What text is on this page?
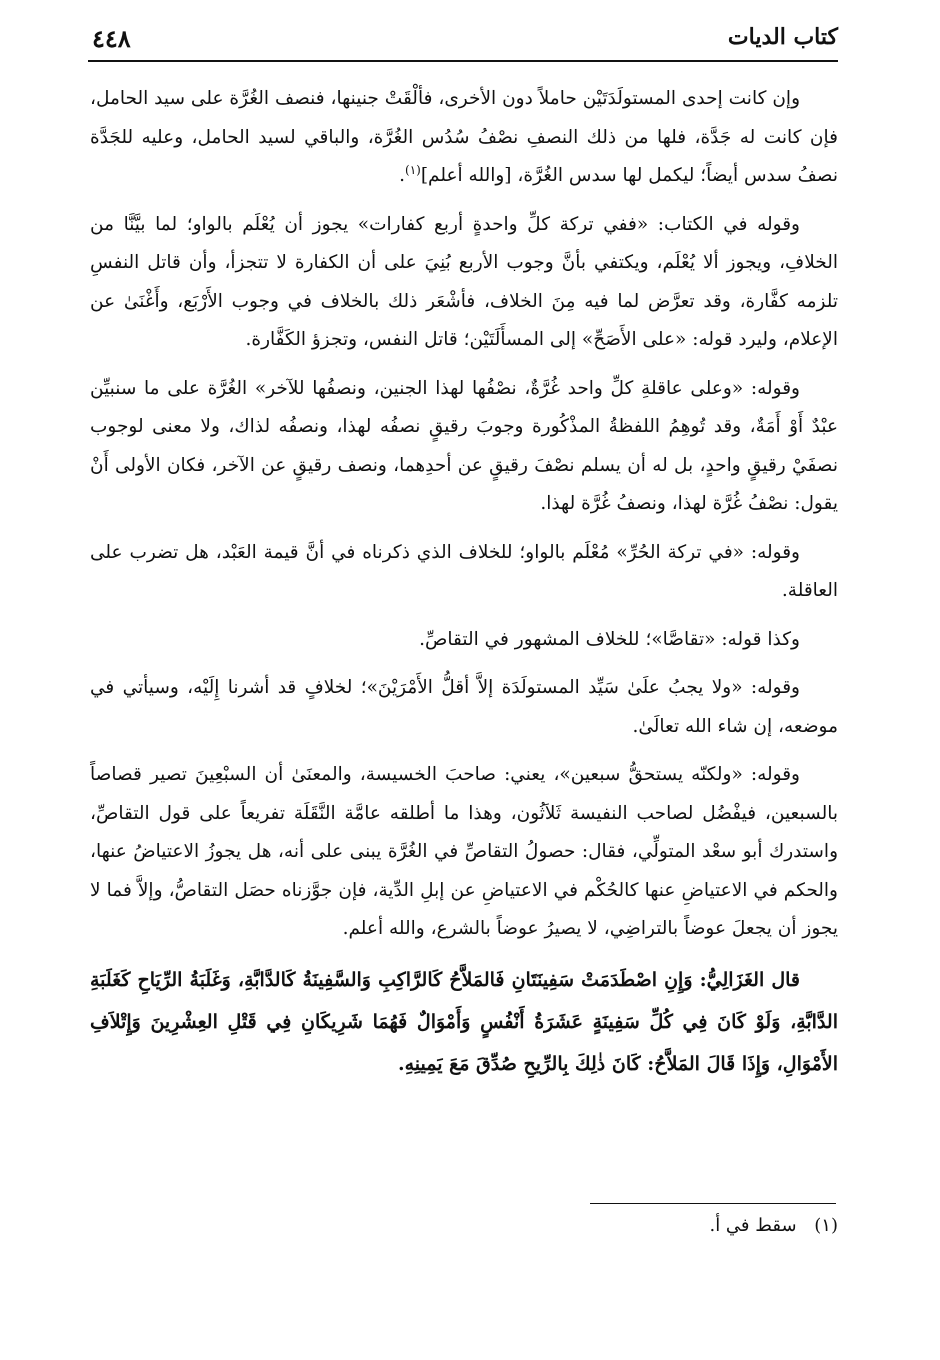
٤٤٨	كتاب الديات

وإن كانت إحدى المستولَدَتَيْن حاملاً دون الأخرى، فألْقَتْ جنينها، فنصف الغُرَّة على سيد الحامل، فإن كانت له جَدَّة، فلها من ذلك النصفِ نصْفُ سُدُس الغُرَّة، والباقي لسيد الحامل، وعليه للجَدَّة نصفُ سدس أيضاً؛ ليكمل لها سدس الغُرَّة، [والله أعلم]$^{(١)}$.

وقوله في الكتاب: «ففي تركة كلِّ واحدةٍ أربع كفارات» يجوز أن يُعْلَم بالواو؛ لما بيَّنَّا من الخلافِ، ويجوز ألا يُعْلَم، ويكتفي بأنَّ وجوب الأربع بُنِيَ على أن الكفارة لا تتجزأ، وأن قاتل النفسِ تلزمه كفَّارة، وقد تعرَّض لما فيه مِنَ الخلاف، فأشْعَر ذلك بالخلاف في وجوب الأَرْبَع، وأَغْنَىٰ عن الإعلام، وليرد قوله: «على الأَصَحِّ» إلى المسأَلَتَيْن؛ قاتل النفس، وتجزؤ الكَفَّارة.

وقوله: «وعلى عاقلةِ كلِّ واحد غُرَّةٌ، نصْفُها لهذا الجنين، ونصفُها للآخر» الغُرَّة على ما سنبيِّن عبْدٌ أَوْ أَمَةٌ، وقد تُوهِمُ اللفظةُ المذْكُورة وجوبَ رقيقٍ نصفُه لهذا، ونصفُه لذاك، ولا معنى لوجوب نصفَيْ رقيقٍ واحدٍ، بل له أن يسلم نصْفَ رقيقٍ عن أحدِهما، ونصف رقيقٍ عن الآخر، فكان الأولى أَنْ يقول: نصْفُ غُرَّة لهذا، ونصفُ غُرَّة لهذا.

وقوله: «في تركة الحُرِّ» مُعْلَم بالواو؛ للخلاف الذي ذكرناه في أنَّ قيمة العَبْد، هل تضرب على العاقلة.

وكذا قوله: «تقاصَّا»؛ للخلاف المشهور في التقاصِّ.

وقوله: «ولا يجبُ علَىٰ سَيِّد المستولَدَة إلاَّ أقلُّ الأَمْرَيْنَ»؛ لخلافٍ قد أشرنا إِلَيْه، وسيأتي في موضعه، إن شاء الله تعالَىٰ.

وقوله: «ولكنّه يستحقُّ سبعين»، يعني: صاحبَ الخسيسة، والمعنَىٰ أن السبْعِينَ تصير قصاصاً بالسبعين، فيفْضُل لصاحب النفيسة ثَلاَثُون، وهذا ما أطلقه عامَّة النَّقَلَة تفريعاً على قول التقاصِّ، واستدرك أبو سعْد المتولِّي، فقال: حصولُ التقاصِّ في الغُرَّة يبنى على أنه، هل يجوزُ الاعتياضُ عنها، والحكم في الاعتياضِ عنها كالحُكْم في الاعتياضِ عن إبلِ الدِّية، فإن جوَّزناه حصَل التقاصُّ، وإلاَّ فما لا يجوز أن يجعلَ عوضاً بالتراضِي، لا يصيرُ عوضاً بالشرع، والله أعلم.

قال الغَزَالِيُّ: وَإِنِ اصْطَدَمَتْ سَفِينَتَانِ فَالمَلاَّحُ كَالرَّاكِبِ وَالسَّفِينَةُ كَالدَّابَّةِ، وَغَلَبَةُ الرِّيَاحِ كَغَلَبَةِ الدَّابَّةِ، وَلَوْ كَانَ فِي كُلِّ سَفِينَةٍ عَشَرَةُ أَنْفُسٍ وَأَمْوَالٌ فَهُمَا شَرِيكَانِ فِي قَتْلِ العِشْرِينَ وَإِتْلاَفِ الأَمْوَالِ، وَإِذَا قَالَ المَلاَّحُ: كَانَ ذٰلِكَ بِالرِّيحِ صُدِّقَ مَعَ يَمِينِهِ.

(١) سقط في أ.
